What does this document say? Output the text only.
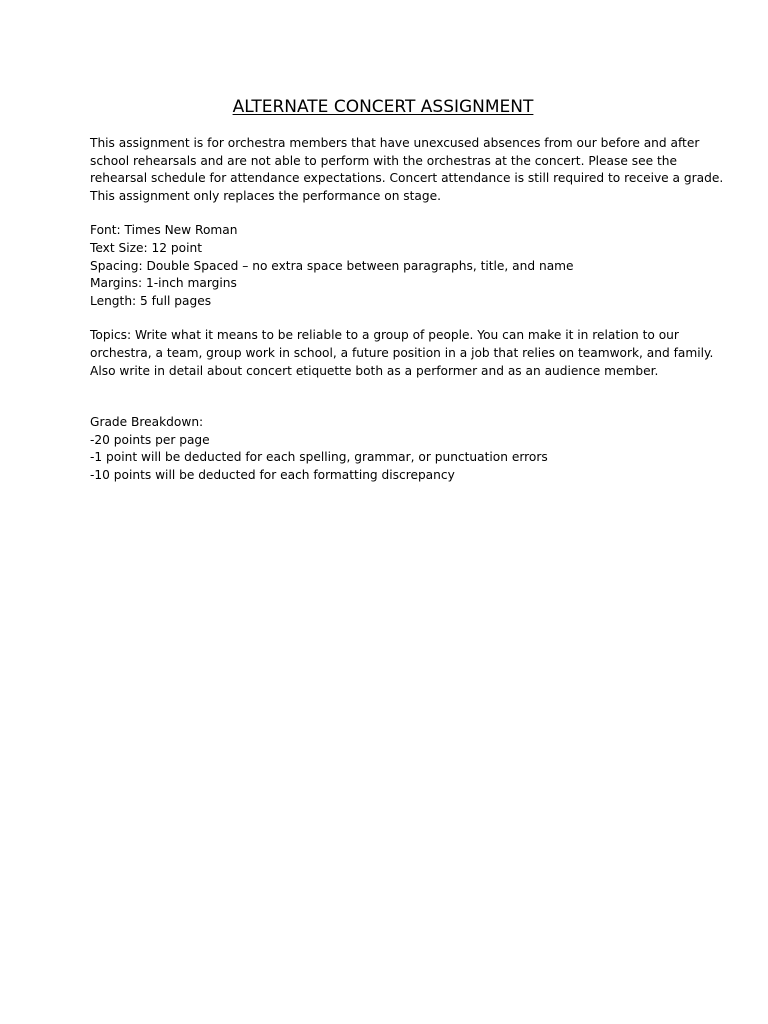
ALTERNATE CONCERT ASSIGNMENT

This assignment is for orchestra members that have unexcused absences from our before and after
school rehearsals and are not able to perform with the orchestras at the concert. Please see the
rehearsal schedule for attendance expectations. Concert attendance is still required to receive a grade.
This assignment only replaces the performance on stage.

Font: Times New Roman
Text Size: 12 point
Spacing: Double Spaced – no extra space between paragraphs, title, and name
Margins: 1-inch margins
Length: 5 full pages

Topics: Write what it means to be reliable to a group of people. You can make it in relation to our
orchestra, a team, group work in school, a future position in a job that relies on teamwork, and family.
Also write in detail about concert etiquette both as a performer and as an audience member.

Grade Breakdown:
-20 points per page
-1 point will be deducted for each spelling, grammar, or punctuation errors
-10 points will be deducted for each formatting discrepancy
